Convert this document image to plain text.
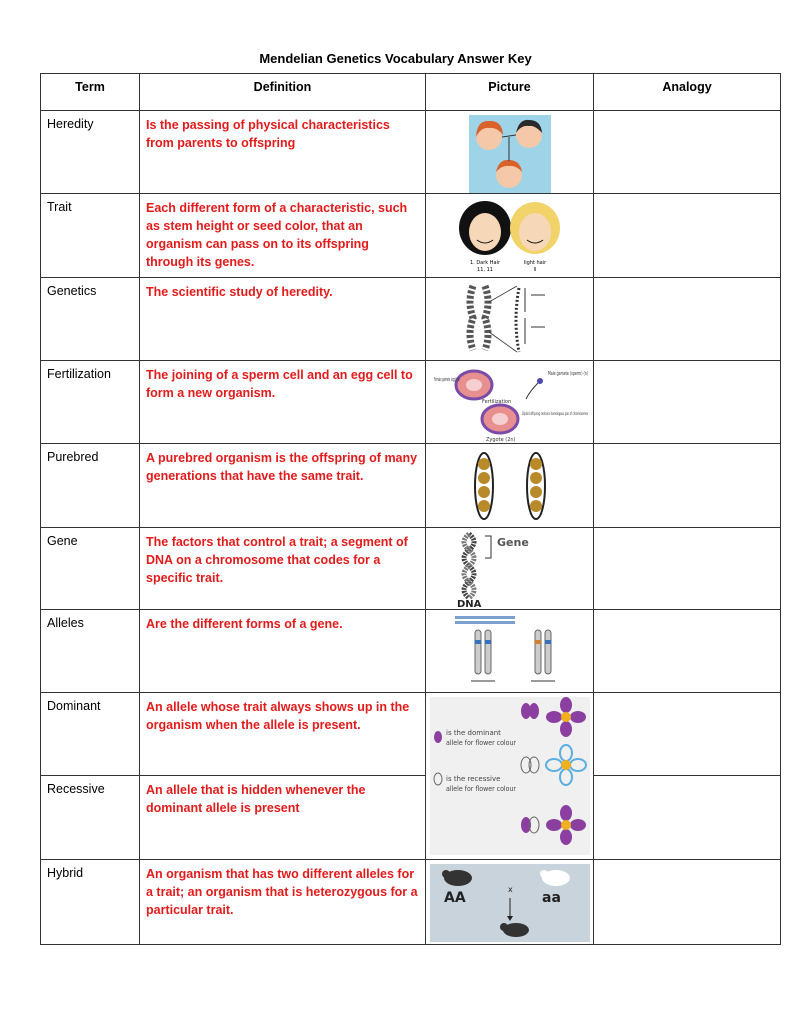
Mendelian Genetics Vocabulary Answer Key
Term	Definition	Picture	Analogy
Heredity	Is the passing of physical characteristics from parents to offspring	

Trait	Each different form of a characteristic, such as stem height or seed color, that an organism can pass on to its offspring through its genes.	1. Dark Hair
11, 11
light hair
ll	

Genetics	The scientific study of heredity.	

Fertilization	The joining of a sperm cell and an egg cell to form a new organism.	Female gamete (egg) (n)
Male gamete (sperm) (n)
Fertilization
Zygote (2n)
Diploid offspring contains homologous pair of chromosomes	

Purebred	A purebred organism is the offspring of many generations that have the same trait.	

Gene	The factors that control a trait; a segment of DNA on a chromosome that codes for a specific trait.	Gene
DNA	

Alleles	Are the different forms of a gene.	

Dominant	An allele whose trait always shows up in the organism when the allele is present.	is the dominant
allele for flower colour
is the recessive
allele for flower colour	

Recessive	An allele that is hidden whenever the dominant allele is present		
Hybrid	An organism that has two different alleles for a trait; an organism that is heterozygous for a particular trait.	AA aa
x	
